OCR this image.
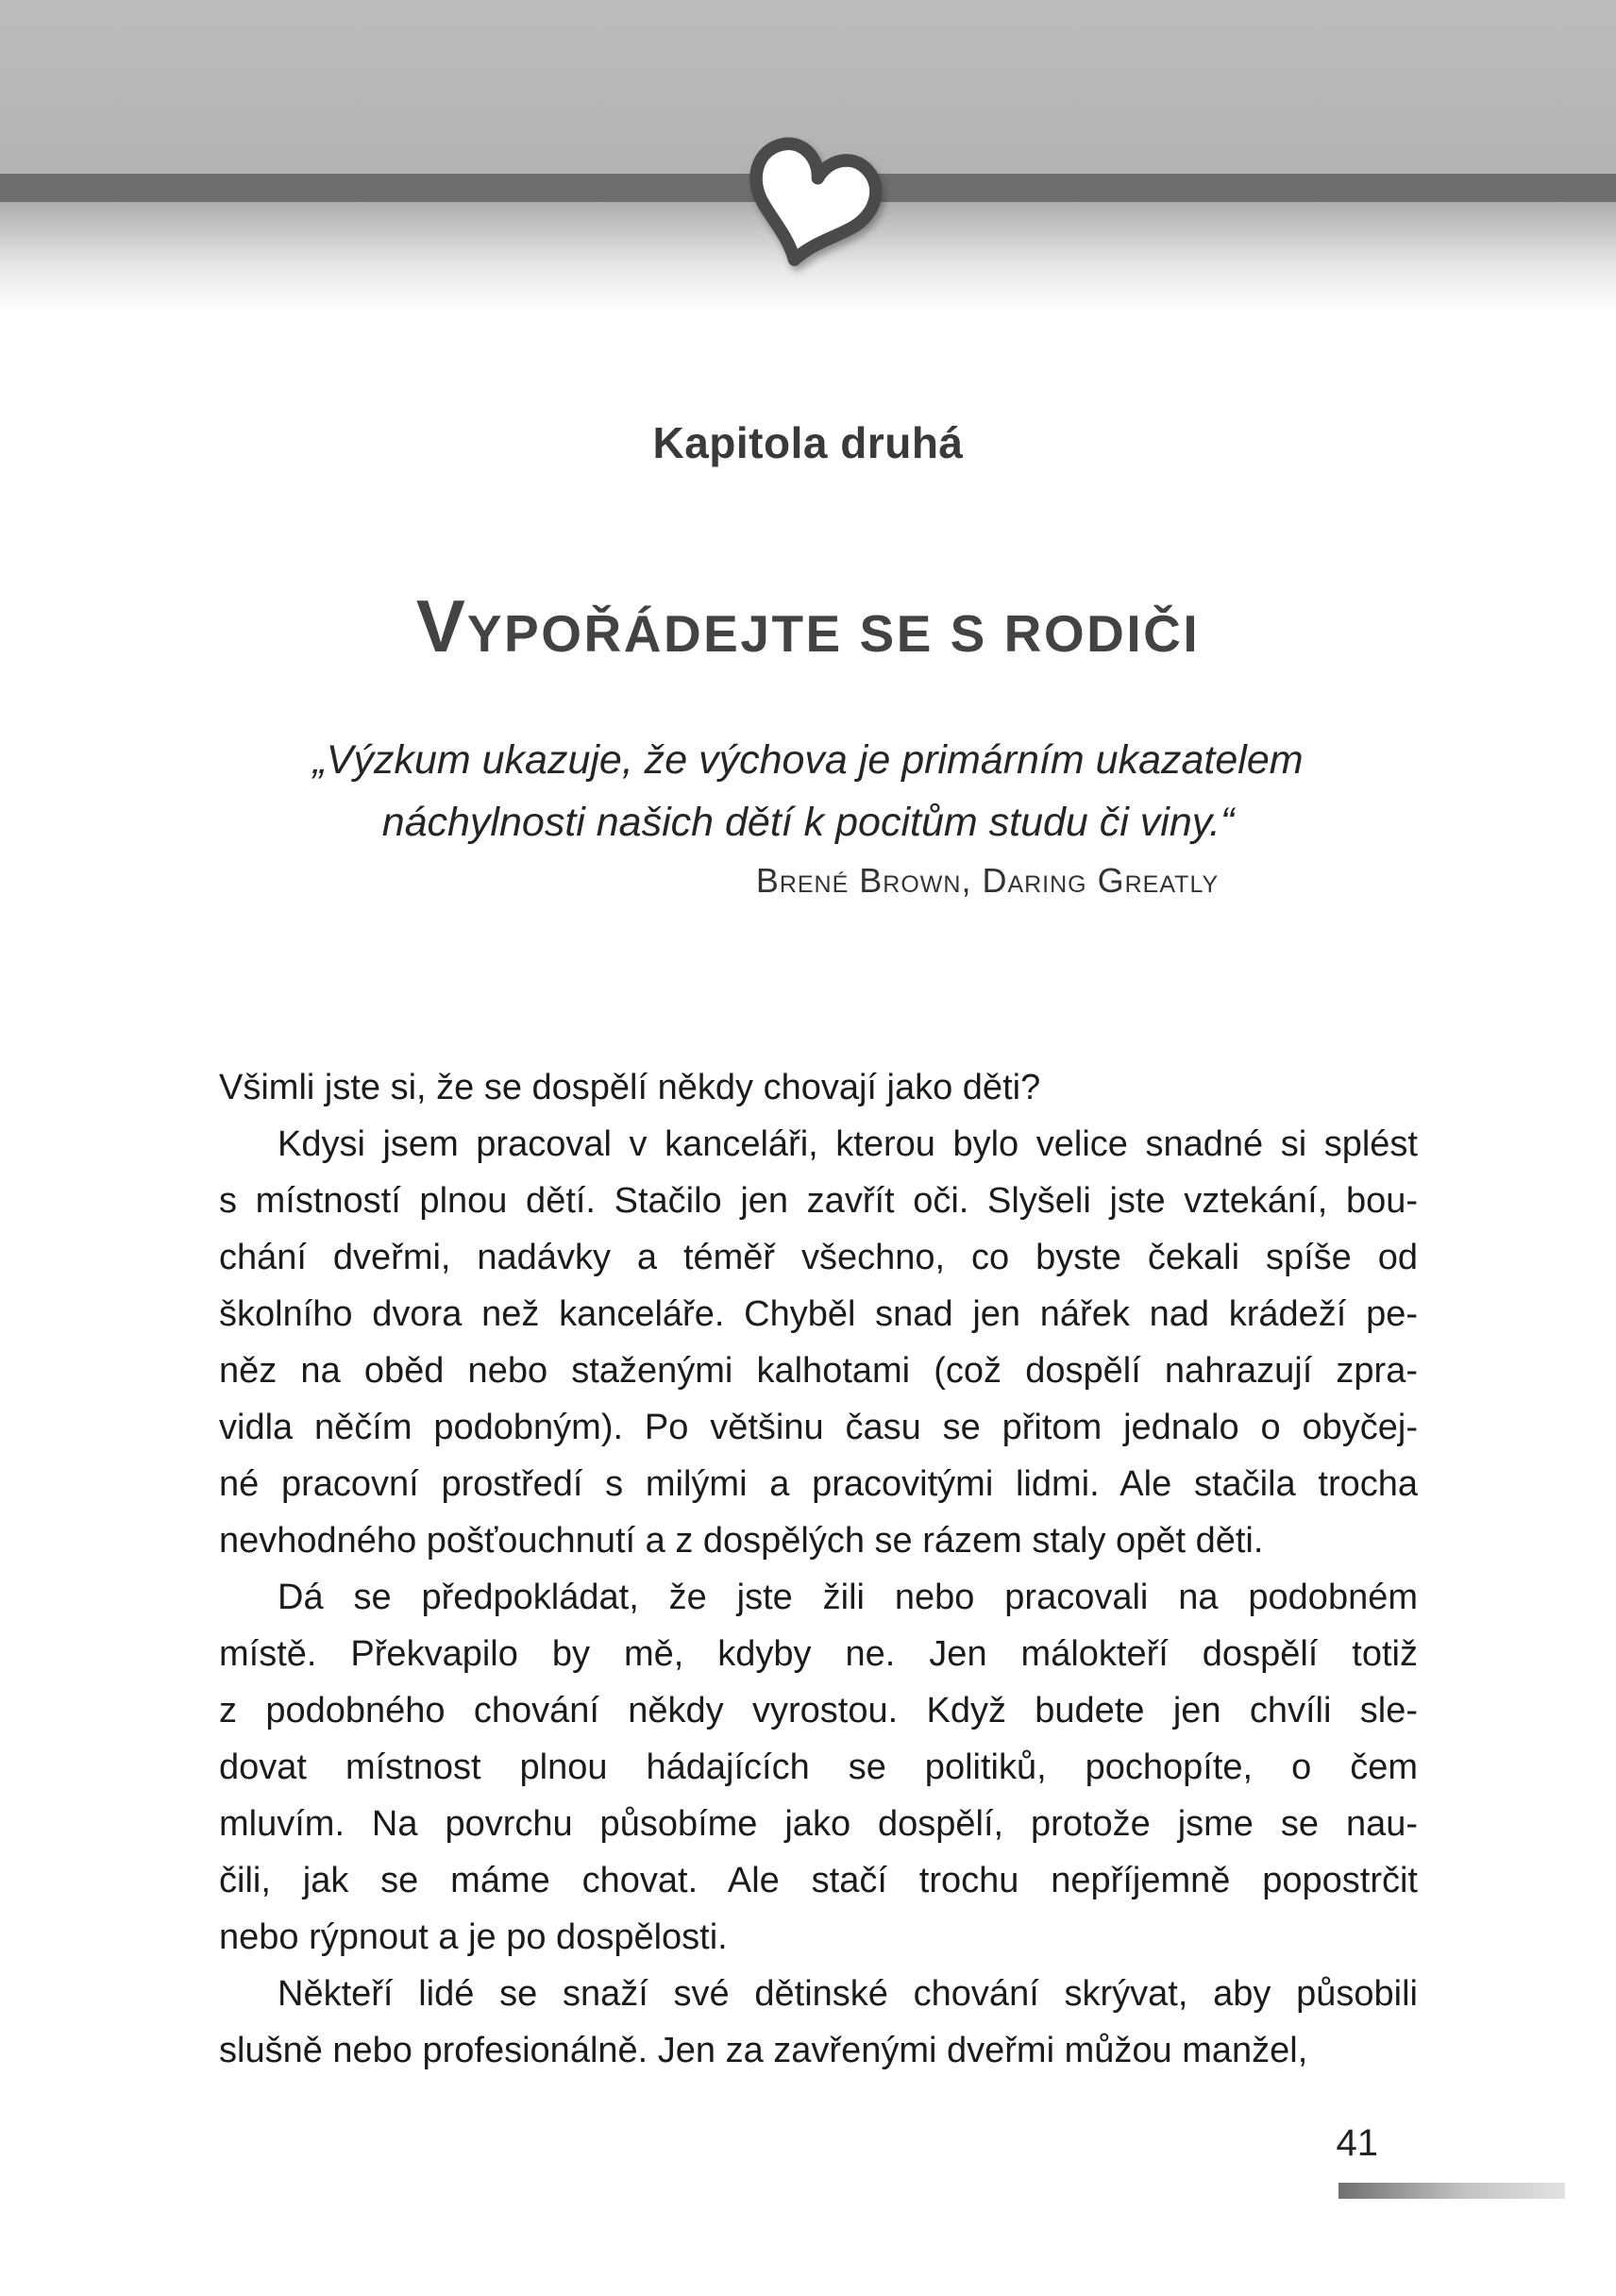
Kapitola druhá
VYPOŘÁDEJTE SE S RODIČI
„Výzkum ukazuje, že výchova je primárním ukazatelem
náchylnosti našich dětí k pocitům studu či viny.“
Brené Brown, Daring Greatly
Všimli jste si, že se dospělí někdy chovají jako děti?
Kdysi jsem pracoval v kanceláři, kterou bylo velice snadné si splést
s místností plnou dětí. Stačilo jen zavřít oči. Slyšeli jste vztekání, bou-
chání dveřmi, nadávky a téměř všechno, co byste čekali spíše od
školního dvora než kanceláře. Chyběl snad jen nářek nad krádeží pe-
něz na oběd nebo staženými kalhotami (což dospělí nahrazují zpra-
vidla něčím podobným). Po většinu času se přitom jednalo o obyčej-
né pracovní prostředí s milými a pracovitými lidmi. Ale stačila trocha
nevhodného pošťouchnutí a z dospělých se rázem staly opět děti.
Dá se předpokládat, že jste žili nebo pracovali na podobném
místě. Překvapilo by mě, kdyby ne. Jen málokteří dospělí totiž
z podobného chování někdy vyrostou. Když budete jen chvíli sle-
dovat místnost plnou hádajících se politiků, pochopíte, o čem
mluvím. Na povrchu působíme jako dospělí, protože jsme se nau-
čili, jak se máme chovat. Ale stačí trochu nepříjemně popostrčit
nebo rýpnout a je po dospělosti.
Někteří lidé se snaží své dětinské chování skrývat, aby působili
slušně nebo profesionálně. Jen za zavřenými dveřmi můžou manžel,
41
